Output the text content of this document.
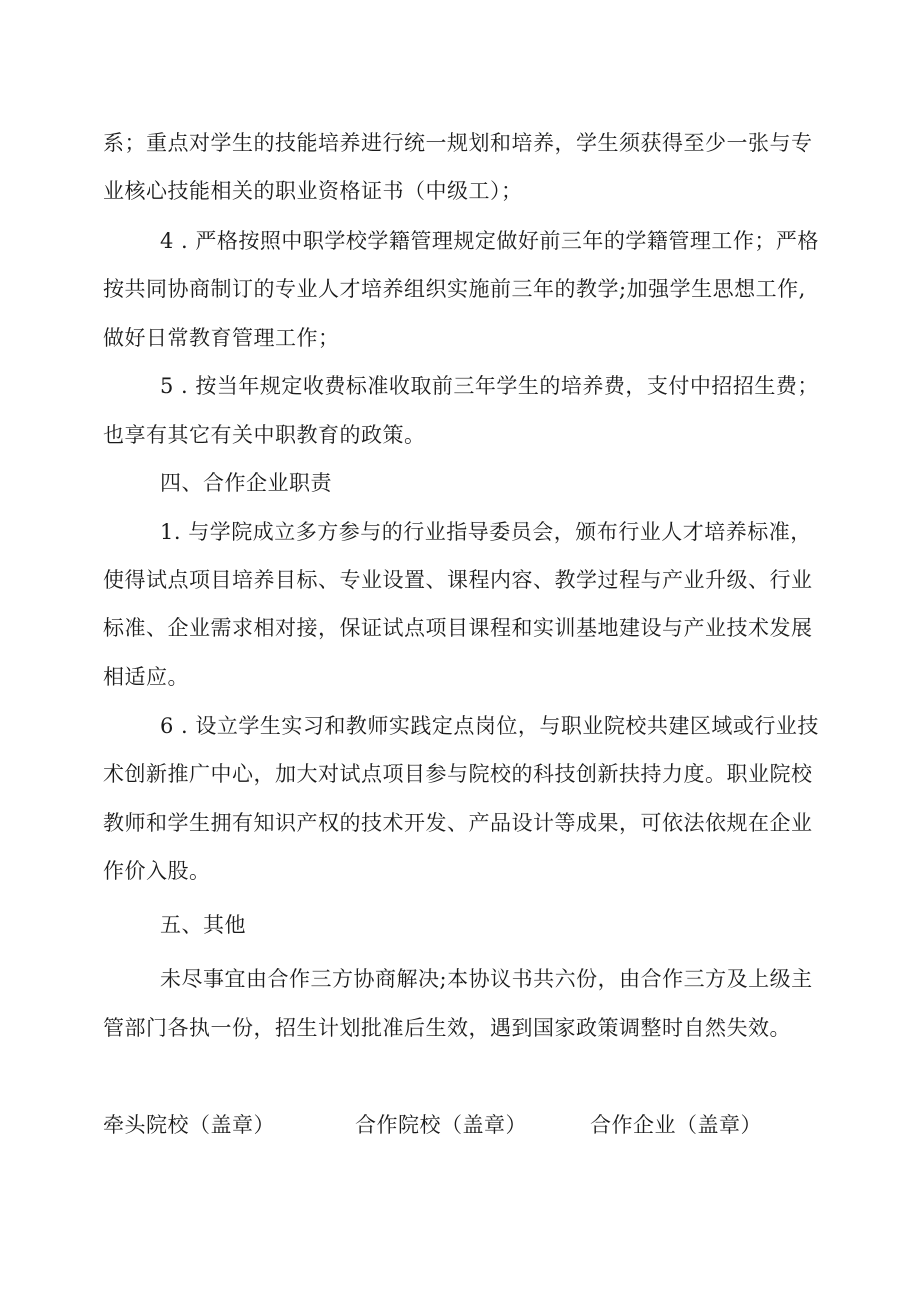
系；重点对学生的技能培养进行统一规划和培养，学生须获得至少一张与专
业核心技能相关的职业资格证书（中级工）；
4 . 严格按照中职学校学籍管理规定做好前三年的学籍管理工作；严格
按共同协商制订的专业人才培养组织实施前三年的教学;加强学生思想工作,
做好日常教育管理工作；
5 . 按当年规定收费标准收取前三年学生的培养费，支付中招招生费；
也享有其它有关中职教育的政策。
四、合作企业职责
1. 与学院成立多方参与的行业指导委员会，颁布行业人才培养标准，
使得试点项目培养目标、专业设置、课程内容、教学过程与产业升级、行业
标准、企业需求相对接，保证试点项目课程和实训基地建设与产业技术发展
相适应。
6 . 设立学生实习和教师实践定点岗位，与职业院校共建区域或行业技
术创新推广中心，加大对试点项目参与院校的科技创新扶持力度。职业院校
教师和学生拥有知识产权的技术开发、产品设计等成果，可依法依规在企业
作价入股。
五、其他
未尽事宜由合作三方协商解决;本协议书共六份，由合作三方及上级主
管部门各执一份，招生计划批准后生效，遇到国家政策调整时自然失效。
牵头院校（盖章）	合作院校（盖章）	合作企业（盖章）
